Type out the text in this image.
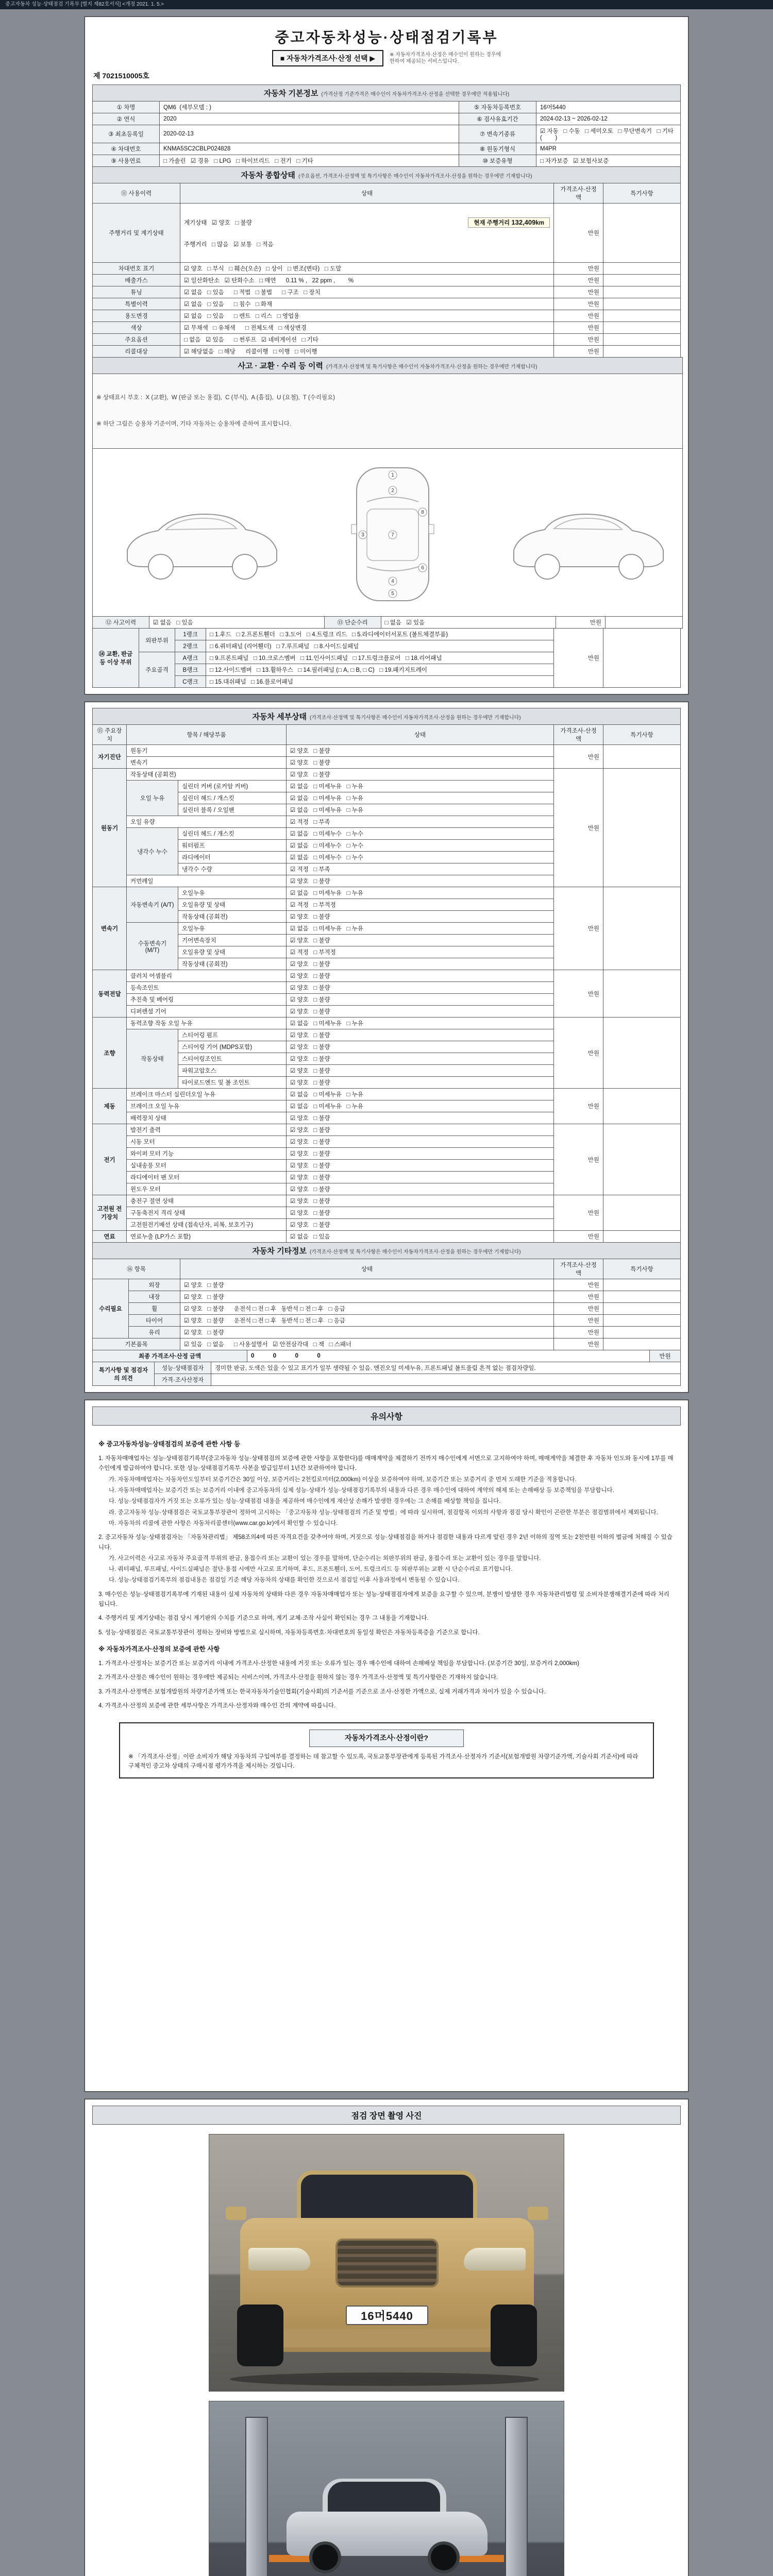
중고자동차 성능·상태점검 기록부 [별지 제82호서식] <개정 2021. 1. 5.>
중고자동차성능·상태점검기록부
■ 자동차가격조사·산정 선택 ▶	※ 자동차가격조사·산정은 매수인이 원하는 경우에
한하여 제공되는 서비스입니다.
제 7021510005호
자동차 기본정보 (가격산정 기준가격은 매수인이 자동차가격조사·산정을 선택한 경우에만 적용됩니다)			
① 차명	QM6  (세부모델 : )	⑤ 자동차등록번호	16머5440
② 연식	2020	⑥ 검사유효기간	2024-02-13 ~ 2026-02-12
③ 최초등록일	2020-02-13	⑦ 변속기종류	☑ 자동   □ 수동   □ 세미오토   □ 무단변속기   □ 기타 (        )
④ 차대번호	KNMA5SC2CBLP024828	⑧ 원동기형식	M4PR
⑨ 사용연료	□ 가솔린   ☑ 경유   □ LPG   □ 하이브리드   □ 전기   □ 기타	⑩ 보증유형	□ 자가보증   ☑ 보험사보증
자동차 종합상태 (주요옵션, 가격조사·산정액 및 특기사항은 매수인이 자동차가격조사·산정을 원하는 경우에만 기재합니다)			
⑪ 사용이력	상태	가격조사·산정액	특기사항
주행거리 및 계기상태	계기상태   ☑ 양호   □ 불량 현재 주행거리 132,409km

주행거리   □ 많음   ☑ 보통   □ 적음	만원	
차대번호 표기	☑ 양호   □ 부식   □ 훼손(오손)   □ 상이   □ 변조(변타)   □ 도말	만원	
배출가스	☑ 일산화탄소   ☑ 탄화수소   □ 매연      0.11 % ,   22 ppm ,        %	만원	
튜닝	☑ 없음   □ 있음      □ 적법   □ 불법      □ 구조   □ 장치	만원	
특별이력	☑ 없음   □ 있음      □ 침수   □ 화재	만원	
용도변경	☑ 없음   □ 있음      □ 렌트   □ 리스   □ 영업용	만원	
색상	☑ 무채색   □ 유채색      □ 전체도색   □ 색상변경	만원	
주요옵션	□ 없음   ☑ 있음      □ 썬루프   ☑ 네비게이션   □ 기타	만원	
리콜대상	☑ 해당없음   □ 해당      리콜이행   □ 이행   □ 미이행	만원	
사고 · 교환 · 수리 등 이력 (가격조사·산정액 및 특기사항은 매수인이 자동차가격조사·산정을 원하는 경우에만 기재합니다)

※ 상태표시 부호 :  X (교환),  W (판금 또는 용접),  C (부식),  A (흠집),  U (요철),  T (수리필요)

※ 하단 그림은 승용차 기준이며, 기타 자동차는 승용차에 준하여 표시합니다.

1
2
3
4
5
6
7
8

⑫ 사고이력	☑ 없음   □ 있음	⑬ 단순수리	□ 없음   ☑ 있음	만원	
⑭ 교환, 판금 등 이상 부위	외판부위	1랭크	□ 1.후드   □ 2.프론트휀더   □ 3.도어   □ 4.트렁크 리드   □ 5.라디에이터서포트 (볼트체결부품)	만원	
		2랭크	□ 6.쿼터패널 (리어휀더)   □ 7.루프패널   □ 8.사이드실패널		
	주요골격	A랭크	□ 9.프론트패널   □ 10.크로스멤버   □ 11.인사이드패널   □ 17.트렁크플로어   □ 18.리어패널		
		B랭크	□ 12.사이드멤버   □ 13.휠하우스   □ 14.필러패널 (□ A, □ B, □ C)   □ 19.패키지트레이		
		C랭크	□ 15.대쉬패널   □ 16.플로어패널		
자동차 세부상태 (가격조사·산정액 및 특기사항은 매수인이 자동차가격조사·산정을 원하는 경우에만 기재합니다)					
⑮ 주요장치	항목 / 해당부품		상태	가격조사·산정액	특기사항
자기진단	원동기		☑ 양호   □ 불량	만원	
	변속기		☑ 양호   □ 불량		
원동기	작동상태 (공회전)		☑ 양호   □ 불량	만원	
	오일 누유	실린더 커버 (로커암 커버)	☑ 없음   □ 미세누유   □ 누유		
		실린더 헤드 / 개스킷	☑ 없음   □ 미세누유   □ 누유		
		실린더 블록 / 오일팬	☑ 없음   □ 미세누유   □ 누유		
	오일 유량		☑ 적정   □ 부족		
	냉각수 누수	실린더 헤드 / 개스킷	☑ 없음   □ 미세누수   □ 누수		
		워터펌프	☑ 없음   □ 미세누수   □ 누수		
		라디에이터	☑ 없음   □ 미세누수   □ 누수		
		냉각수 수량	☑ 적정   □ 부족		
	커먼레일		☑ 양호   □ 불량		
변속기	자동변속기 (A/T)	오일누유	☑ 없음   □ 미세누유   □ 누유	만원	
		오일유량 및 상태	☑ 적정   □ 부적정		
		작동상태 (공회전)	☑ 양호   □ 불량		
	수동변속기 (M/T)	오일누유	☑ 없음   □ 미세누유   □ 누유		
		기어변속장치	☑ 양호   □ 불량		
		오일유량 및 상태	☑ 적정   □ 부적정		
		작동상태 (공회전)	☑ 양호   □ 불량		
동력전달	클러치 어셈블리		☑ 양호   □ 불량	만원	
	등속조인트		☑ 양호   □ 불량		
	추진축 및 베어링		☑ 양호   □ 불량		
	디퍼렌셜 기어		☑ 양호   □ 불량		
조향	동력조향 작동 오일 누유		☑ 없음   □ 미세누유   □ 누유	만원	
	작동상태	스티어링 펌프	☑ 양호   □ 불량		
		스티어링 기어 (MDPS포함)	☑ 양호   □ 불량		
		스티어링조인트	☑ 양호   □ 불량		
		파워고압호스	☑ 양호   □ 불량		
		타이로드엔드 및 볼 조인트	☑ 양호   □ 불량		
제동	브레이크 마스터 실린더오일 누유		☑ 없음   □ 미세누유   □ 누유	만원	
	브레이크 오일 누유		☑ 없음   □ 미세누유   □ 누유		
	배력장치 상태		☑ 양호   □ 불량		
전기	발전기 출력		☑ 양호   □ 불량	만원	
	시동 모터		☑ 양호   □ 불량		
	와이퍼 모터 기능		☑ 양호   □ 불량		
	실내송풍 모터		☑ 양호   □ 불량		
	라디에이터 팬 모터		☑ 양호   □ 불량		
	윈도우 모터		☑ 양호   □ 불량		
고전원 전기장치	충전구 절연 상태		☑ 양호   □ 불량	만원	
	구동축전지 격리 상태		☑ 양호   □ 불량		
	고전원전기배선 상태 (접속단자, 피복, 보호기구)		☑ 양호   □ 불량		
연료	연료누출 (LP가스 포함)		☑ 없음   □ 있음	만원	
자동차 기타정보 (가격조사·산정액 및 특기사항은 매수인이 자동차가격조사·산정을 원하는 경우에만 기재합니다)				
⑯ 항목		상태	가격조사·산정액	특기사항
수리필요	외장	☑ 양호   □ 불량	만원	
	내장	☑ 양호   □ 불량	만원	
	휠	☑ 양호   □ 불량      운전석 □ 전 □ 후   동반석 □ 전 □ 후   □ 응급	만원	
	타이어	☑ 양호   □ 불량      운전석 □ 전 □ 후   동반석 □ 전 □ 후   □ 응급	만원	
	유리	☑ 양호   □ 불량	만원	
기본품목		☑ 있음   □ 없음      □ 사용설명서   ☑ 안전삼각대   □ 잭   □ 스패너	만원	
최종 가격조사·산정 금액	0  0  0  0	만원
특기사항 및 점검자의 의견	성능·상태점검자	경미한 판금, 도색은 있을 수 있고 표기가 일부 생략될 수 있음. 엔진오일 미세누유, 프론트패널 볼트풀림 흔적 없는 점검차량임.
	가격·조사산정자	
유의사항

※ 중고자동차성능·상태점검의 보증에 관한 사항 등

1. 자동차매매업자는 성능·상태점검기록부(중고자동차 성능·상태점검의 보증에 관한 사항을 포함한다)를 매매계약을 체결하기 전까지 매수인에게 서면으로 고지하여야 하며, 매매계약을 체결한 후 자동차 인도와 동시에 1부를 매수인에게 발급하여야 합니다. 또한 성능·상태점검기록부 사본을 발급일부터 1년간 보관하여야 합니다.

가. 자동차매매업자는 자동차인도일부터 보증기간은 30일 이상, 보증거리는 2천킬로미터(2,000km) 이상을 보증하여야 하며, 보증기간 또는 보증거리 중 먼저 도래한 기준을 적용합니다.

나. 자동차매매업자는 보증기간 또는 보증거리 이내에 중고자동차의 실제 성능·상태가 성능·상태점검기록부의 내용과 다른 경우 매수인에 대하여 계약의 해제 또는 손해배상 등 보증책임을 부담합니다.

다. 성능·상태점검자가 거짓 또는 오류가 있는 성능·상태점검 내용을 제공하여 매수인에게 재산상 손해가 발생한 경우에는 그 손해를 배상할 책임을 집니다.

라. 중고자동차 성능·상태점검은 국토교통부장관이 정하여 고시하는 「중고자동차 성능·상태점검의 기준 및 방법」에 따라 실시하며, 점검항목 이외의 사항과 점검 당시 확인이 곤란한 부분은 점검범위에서 제외됩니다.

마. 자동차의 리콜에 관한 사항은 자동차리콜센터(www.car.go.kr)에서 확인할 수 있습니다.

2. 중고자동차 성능·상태점검자는 「자동차관리법」 제58조의4에 따른 자격요건을 갖추어야 하며, 거짓으로 성능·상태점검을 하거나 점검한 내용과 다르게 알린 경우 2년 이하의 징역 또는 2천만원 이하의 벌금에 처해질 수 있습니다.

가. 사고이력은 사고로 자동차 주요골격 부위의 판금, 용접수리 또는 교환이 있는 경우를 말하며, 단순수리는 외판부위의 판금, 용접수리 또는 교환이 있는 경우를 말합니다.

나. 쿼터패널, 루프패널, 사이드실패널은 절단·용접 시에만 사고로 표기하며, 후드, 프론트휀더, 도어, 트렁크리드 등 외판부위는 교환 시 단순수리로 표기합니다.

다. 성능·상태점검기록부의 점검내용은 점검일 기준 해당 자동차의 상태를 확인한 것으로서 점검일 이후 사용과정에서 변동될 수 있습니다.

3. 매수인은 성능·상태점검기록부에 기재된 내용이 실제 자동차의 상태와 다른 경우 자동차매매업자 또는 성능·상태점검자에게 보증을 요구할 수 있으며, 분쟁이 발생한 경우 자동차관리법령 및 소비자분쟁해결기준에 따라 처리됩니다.

4. 주행거리 및 계기상태는 점검 당시 계기판의 수치를 기준으로 하며, 계기 교체·조작 사실이 확인되는 경우 그 내용을 기재합니다.

5. 성능·상태점검은 국토교통부장관이 정하는 장비와 방법으로 실시하며, 자동차등록번호·차대번호의 동일성 확인은 자동차등록증을 기준으로 합니다.

※ 자동차가격조사·산정의 보증에 관한 사항

1. 가격조사·산정자는 보증기간 또는 보증거리 이내에 가격조사·산정한 내용에 거짓 또는 오류가 있는 경우 매수인에 대하여 손해배상 책임을 부담합니다. (보증기간 30일, 보증거리 2,000km)

2. 가격조사·산정은 매수인이 원하는 경우에만 제공되는 서비스이며, 가격조사·산정을 원하지 않는 경우 가격조사·산정액 및 특기사항란은 기재하지 않습니다.

3. 가격조사·산정액은 보험개발원의 차량기준가액 또는 한국자동차기술인협회(기술사회)의 기준서를 기준으로 조사·산정한 가액으로, 실제 거래가격과 차이가 있을 수 있습니다.

4. 가격조사·산정의 보증에 관한 세부사항은 가격조사·산정자와 매수인 간의 계약에 따릅니다.

자동차가격조사·산정이란?
※ 「가격조사·산정」이란 소비자가 해당 자동차의 구입여부를 결정하는 데 참고할 수 있도록, 국토교통부장관에게 등록된 가격조사·산정자가 기준서(보험개발원 차량기준가액, 기술사회 기준서)에 따라 구체적인 중고차 상태의 구매시점 평가가격을 제시하는 것입니다.
점검 장면 촬영 사진
16머5440
